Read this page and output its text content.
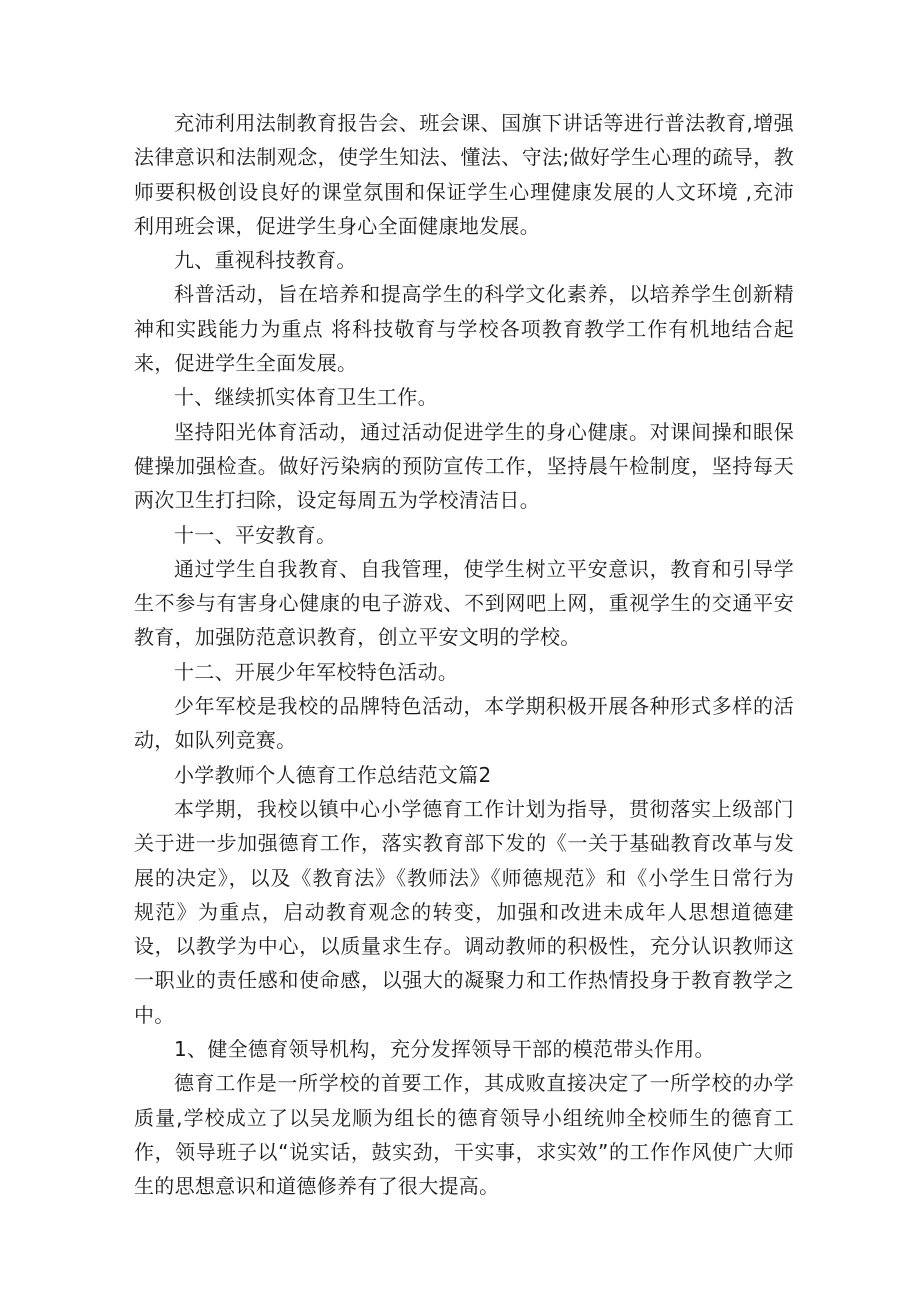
充沛利用法制教育报告会、班会课、国旗下讲话等进行普法教育,增强法律意识和法制观念，使学生知法、懂法、守法;做好学生心理的疏导，教师要积极创设良好的课堂氛围和保证学生心理健康发展的人文环境 ,充沛利用班会课，促进学生身心全面健康地发展。

九、重视科技教育。

科普活动，旨在培养和提高学生的科学文化素养，以培养学生创新精神和实践能力为重点 将科技敬育与学校各项教育教学工作有机地结合起来，促进学生全面发展。

十、继续抓实体育卫生工作。

坚持阳光体育活动，通过活动促进学生的身心健康。对课间操和眼保健操加强检查。做好污染病的预防宣传工作，坚持晨午检制度，坚持每天两次卫生打扫除，设定每周五为学校清洁日。

十一、平安教育。

通过学生自我教育、自我管理，使学生树立平安意识，教育和引导学生不参与有害身心健康的电子游戏、不到网吧上网，重视学生的交通平安教育，加强防范意识教育，创立平安文明的学校。

十二、开展少年军校特色活动。

少年军校是我校的品牌特色活动，本学期积极开展各种形式多样的活动，如队列竞赛。

小学教师个人德育工作总结范文篇2

本学期，我校以镇中心小学德育工作计划为指导，贯彻落实上级部门关于进一步加强德育工作，落实教育部下发的《一关于基础教育改革与发展的决定》，以及《教育法》《教师法》《师德规范》和《小学生日常行为规范》为重点，启动教育观念的转变，加强和改进未成年人思想道德建设，以教学为中心，以质量求生存。调动教师的积极性，充分认识教师这一职业的责任感和使命感，以强大的凝聚力和工作热情投身于教育教学之中。

1、健全德育领导机构，充分发挥领导干部的模范带头作用。

德育工作是一所学校的首要工作，其成败直接决定了一所学校的办学质量,学校成立了以吴龙顺为组长的德育领导小组统帅全校师生的德育工作，领导班子以“说实话，鼓实劲，干实事，求实效”的工作作风使广大师生的思想意识和道德修养有了很大提高。
